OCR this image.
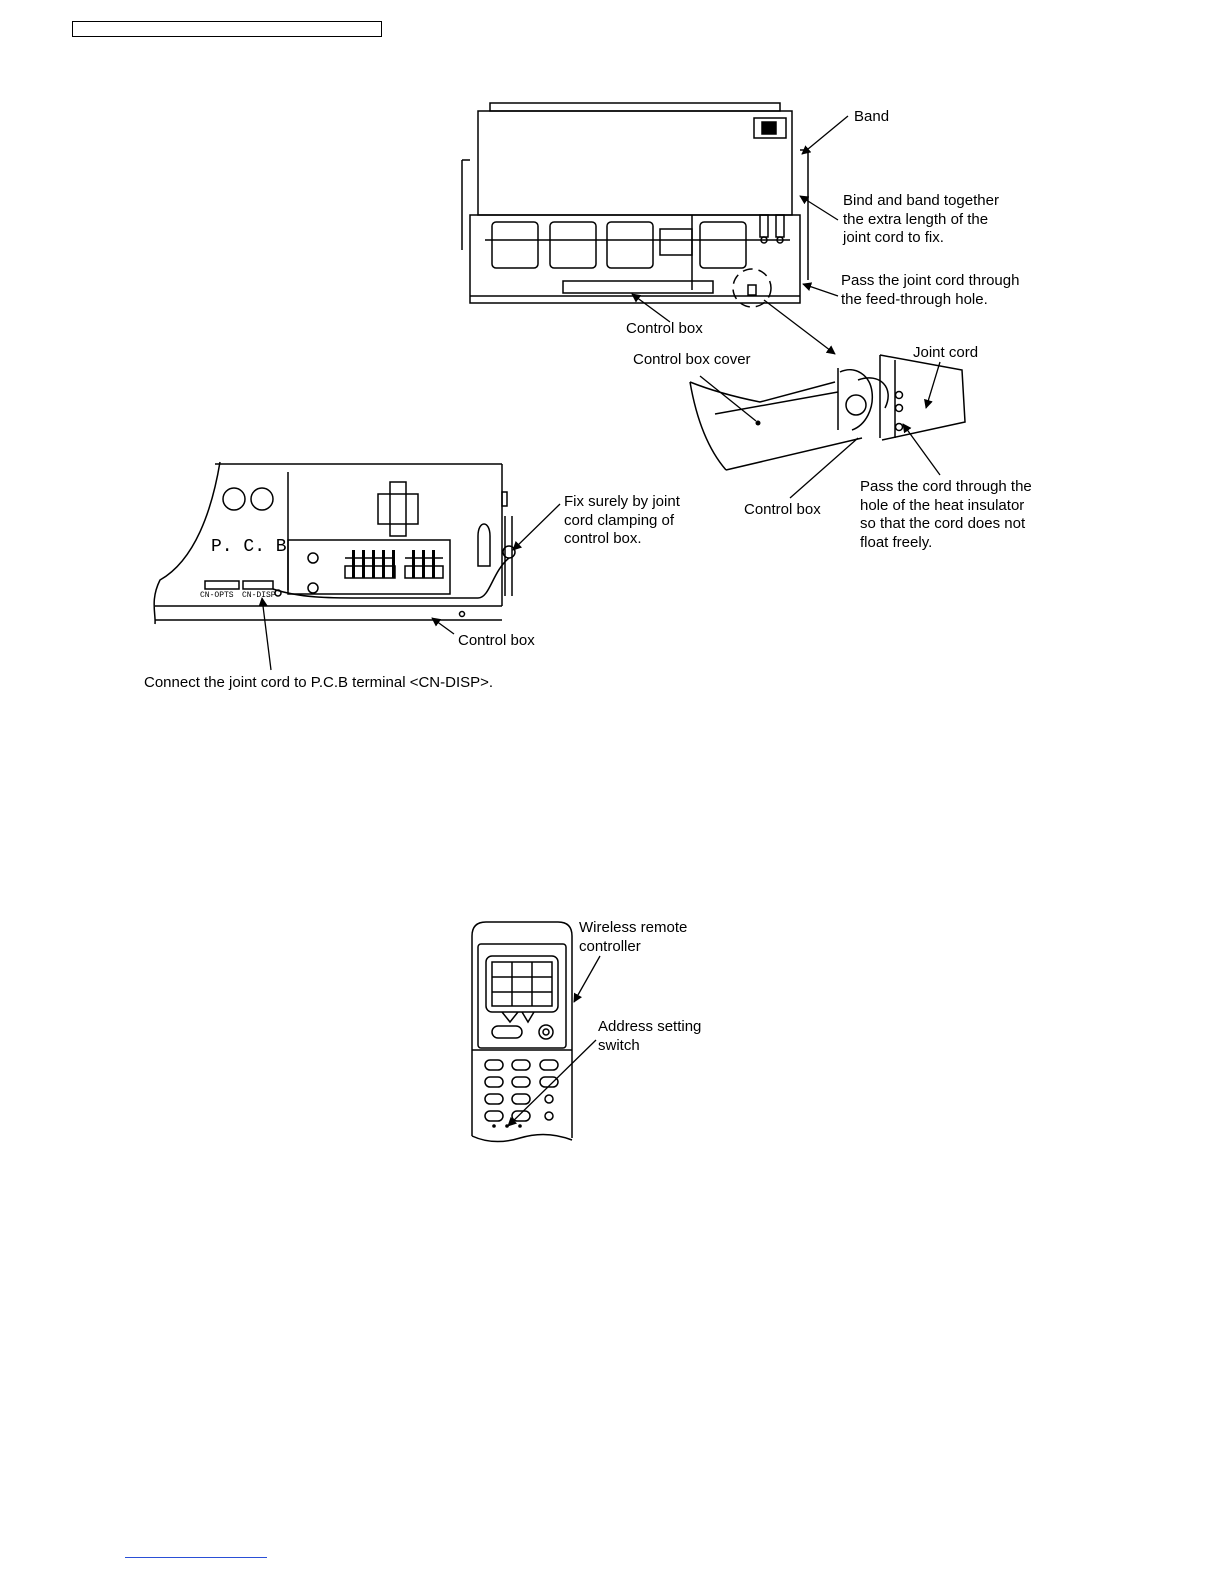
P. C. B
CN-OPTS CN-DISP

Band

Bind and band together
the extra length of the
joint cord to fix.

Pass the joint cord through
the feed-through hole.

Control box

Control box cover	Joint cord

Control box

Pass the cord through the
hole of the heat insulator
so that the cord does not
float freely.

Fix surely by joint
cord clamping of
control box.

Control box

Connect the joint cord to P.C.B terminal <CN-DISP>.

Wireless remote
controller

Address setting
switch
